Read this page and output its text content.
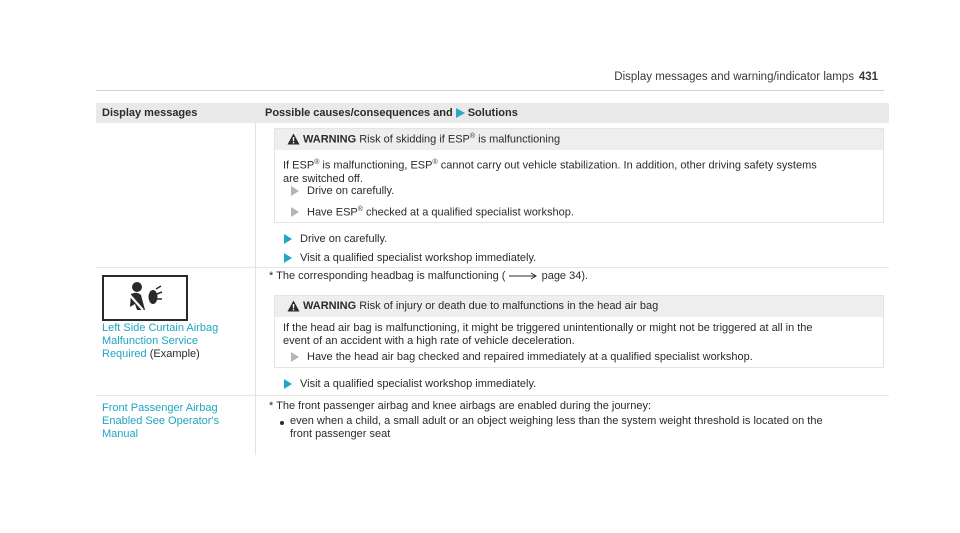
Display messages and warning/indicator lamps 431
Display messages	Possible causes/consequences and Solutions
WARNING Risk of skidding if ESP® is malfunctioning
If ESP® is malfunctioning, ESP® cannot carry out vehicle stabilization. In addition, other driving safety systems
are switched off.
Drive on carefully.
Have ESP® checked at a qualified specialist workshop.
Drive on carefully.
Visit a qualified specialist workshop immediately.
Left Side Curtain Airbag
Malfunction Service
Required (Example)
* The corresponding headbag is malfunctioning (	page 34).
WARNING Risk of injury or death due to malfunctions in the head air bag
If the head air bag is malfunctioning, it might be triggered unintentionally or might not be triggered at all in the
event of an accident with a high rate of vehicle deceleration.
Have the head air bag checked and repaired immediately at a qualified specialist workshop.
Visit a qualified specialist workshop immediately.
Front Passenger Airbag
Enabled See Operator's
Manual
* The front passenger airbag and knee airbags are enabled during the journey:
even when a child, a small adult or an object weighing less than the system weight threshold is located on the
front passenger seat
